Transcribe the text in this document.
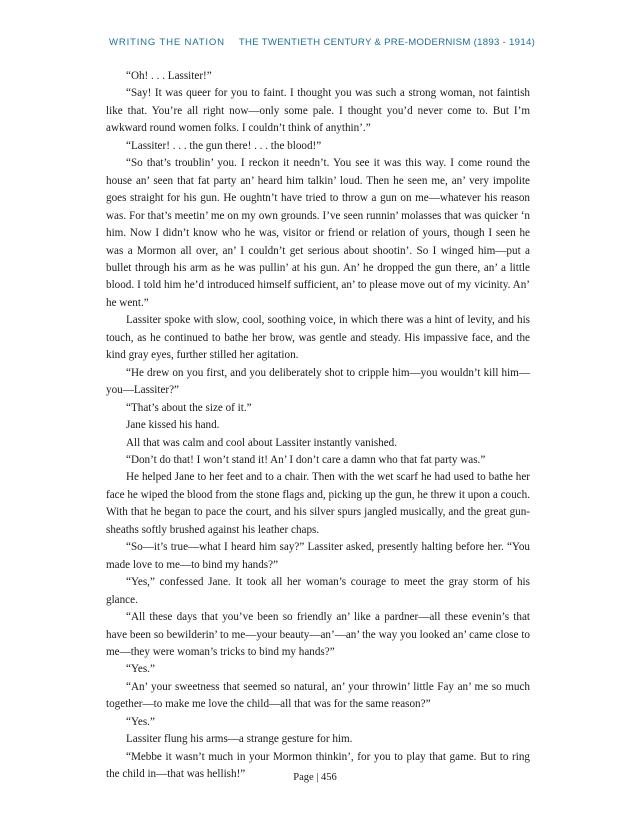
WRITING THE NATION THE TWENTIETH CENTURY & PRE-MODERNISM (1893 - 1914)

“Oh! . . . Lassiter!”

“Say! It was queer for you to faint. I thought you was such a strong woman, not faintish like that. You’re all right now—only some pale. I thought you’d never come to. But I’m awkward round women folks. I couldn’t think of anythin’.”

“Lassiter! . . . the gun there! . . . the blood!”

“So that’s troublin’ you. I reckon it needn’t. You see it was this way. I come round the house an’ seen that fat party an’ heard him talkin’ loud. Then he seen me, an’ very impolite goes straight for his gun. He oughtn’t have tried to throw a gun on me—whatever his reason was. For that’s meetin’ me on my own grounds. I’ve seen runnin’ molasses that was quicker ‘n him. Now I didn’t know who he was, visitor or friend or relation of yours, though I seen he was a Mormon all over, an’ I couldn’t get serious about shootin’. So I winged him—put a bullet through his arm as he was pullin’ at his gun. An’ he dropped the gun there, an’ a little blood. I told him he’d introduced himself sufficient, an’ to please move out of my vicinity. An’ he went.”

Lassiter spoke with slow, cool, soothing voice, in which there was a hint of levity, and his touch, as he continued to bathe her brow, was gentle and steady. His impassive face, and the kind gray eyes, further stilled her agitation.

“He drew on you first, and you deliberately shot to cripple him—you wouldn’t kill him—you—Lassiter?”

“That’s about the size of it.”

Jane kissed his hand.

All that was calm and cool about Lassiter instantly vanished.

“Don’t do that! I won’t stand it! An’ I don’t care a damn who that fat party was.”

He helped Jane to her feet and to a chair. Then with the wet scarf he had used to bathe her face he wiped the blood from the stone flags and, picking up the gun, he threw it upon a couch. With that he began to pace the court, and his silver spurs jangled musically, and the great gun-sheaths softly brushed against his leather chaps.

“So—it’s true—what I heard him say?” Lassiter asked, presently halting before her. “You made love to me—to bind my hands?”

“Yes,” confessed Jane. It took all her woman’s courage to meet the gray storm of his glance.

“All these days that you’ve been so friendly an’ like a pardner—all these evenin’s that have been so bewilderin’ to me—your beauty—an’—an’ the way you looked an’ came close to me—they were woman’s tricks to bind my hands?”

“Yes.”

“An’ your sweetness that seemed so natural, an’ your throwin’ little Fay an’ me so much together—to make me love the child—all that was for the same reason?”

“Yes.”

Lassiter flung his arms—a strange gesture for him.

“Mebbe it wasn’t much in your Mormon thinkin’, for you to play that game. But to ring the child in—that was hellish!”	Page | 456
